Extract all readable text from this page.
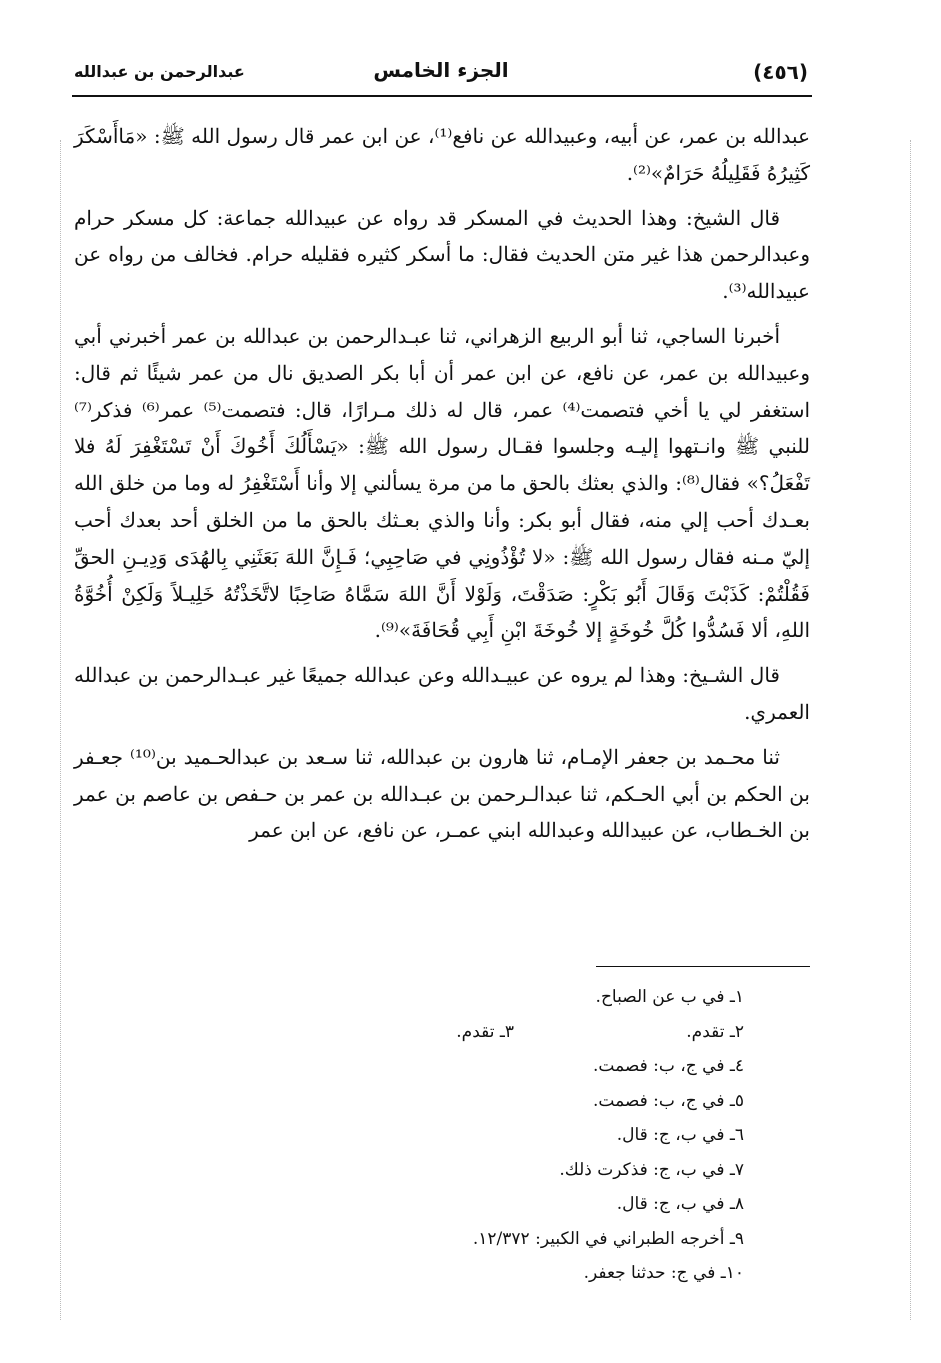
(٤٥٦)
الجزء الخامس
عبدالرحمن بن عبدالله

عبدالله بن عمر، عن أبيه، وعبيدالله عن نافع⁽¹⁾، عن ابن عمر قال رسول الله ﷺ: «مَاأَسْكَرَ كَثِيرُهُ فَقَلِيلُهُ حَرَامٌ»⁽²⁾.

قال الشيخ: وهذا الحديث في المسكر قد رواه عن عبيدالله جماعة: كل مسكر حرام وعبدالرحمن هذا غير متن الحديث فقال: ما أسكر كثيره فقليله حرام. فخالف من رواه عن عبيدالله⁽³⁾.

أخبرنا الساجي، ثنا أبو الربيع الزهراني، ثنا عبـدالرحمن بن عبدالله بن عمر أخبرني أبي وعبيدالله بن عمر، عن نافع، عن ابن عمر أن أبا بكر الصديق نال من عمر شيئًا ثم قال: استغفر لي يا أخي فتصمت⁽⁴⁾ عمر، قال له ذلك مـرارًا، قال: فتصمت⁽⁵⁾ عمر⁽⁶⁾ فذكر⁽⁷⁾ للنبي ﷺ وانـتهوا إليـه وجلسوا فقـال رسول الله ﷺ: «يَسْأَلُكَ أَخُوكَ أَنْ تَسْتَغْفِرَ لَهُ فلا تَفْعَلُ؟» فقال⁽⁸⁾: والذي بعثك بالحق ما من مرة يسألني إلا وأنا أَسْتَغْفِرُ له وما من خلق الله بعـدك أحب إلي منه، فقال أبو بكر: وأنا والذي بعـثك بالحق ما من الخلق أحد بعدك أحب إليّ مـنه فقال رسول الله ﷺ: «لا تُؤْذُونِي في صَاحِبِي؛ فَـإِنَّ اللهَ بَعَثَنِي بِالهُدَى وَدِيـنِ الحقِّ فَقُلْتُمْ: كَذَبْتَ وَقَالَ أَبُو بَكْرٍ: صَدَقْتَ، وَلَوْلا أَنَّ اللهَ سَمَّاهُ صَاحِبًا لاتَّخَذْتُهُ خَلِيـلاً وَلَكِنْ أُخُوَّةُ اللهِ، ألا فَسُدُّوا كُلَّ خُوخَةٍ إلا خُوخَةَ ابْنِ أَبِي قُحَافَةَ»⁽⁹⁾.

قال الشـيخ: وهذا لم يروه عن عبيـدالله وعن عبدالله جميعًا غير عبـدالرحمن بن عبدالله العمري.

ثنا محـمد بن جعفر الإمـام، ثنا هارون بن عبدالله، ثنا سـعد بن عبدالحـميد بن⁽¹⁰⁾ جعـفر بن الحكم بن أبي الحـكم، ثنا عبدالـرحمن بن عبـدالله بن عمر بن حـفص بن عاصم بن عمر بن الخـطاب، عن عبيدالله وعبدالله ابني عمـر، عن نافع، عن ابن عمر

١ـ في ب عن الصباح.
٢ـ تقدم.
٣ـ تقدم.
٤ـ في ج، ب: فصمت.
٥ـ في ج، ب: فصمت.
٦ـ في ب، ج: قال.
٧ـ في ب، ج: فذكرت ذلك.
٨ـ في ب، ج: قال.
٩ـ أخرجه الطبراني في الكبير: ١٢/٣٧٢.
١٠ـ في ج: حدثنا جعفر.
